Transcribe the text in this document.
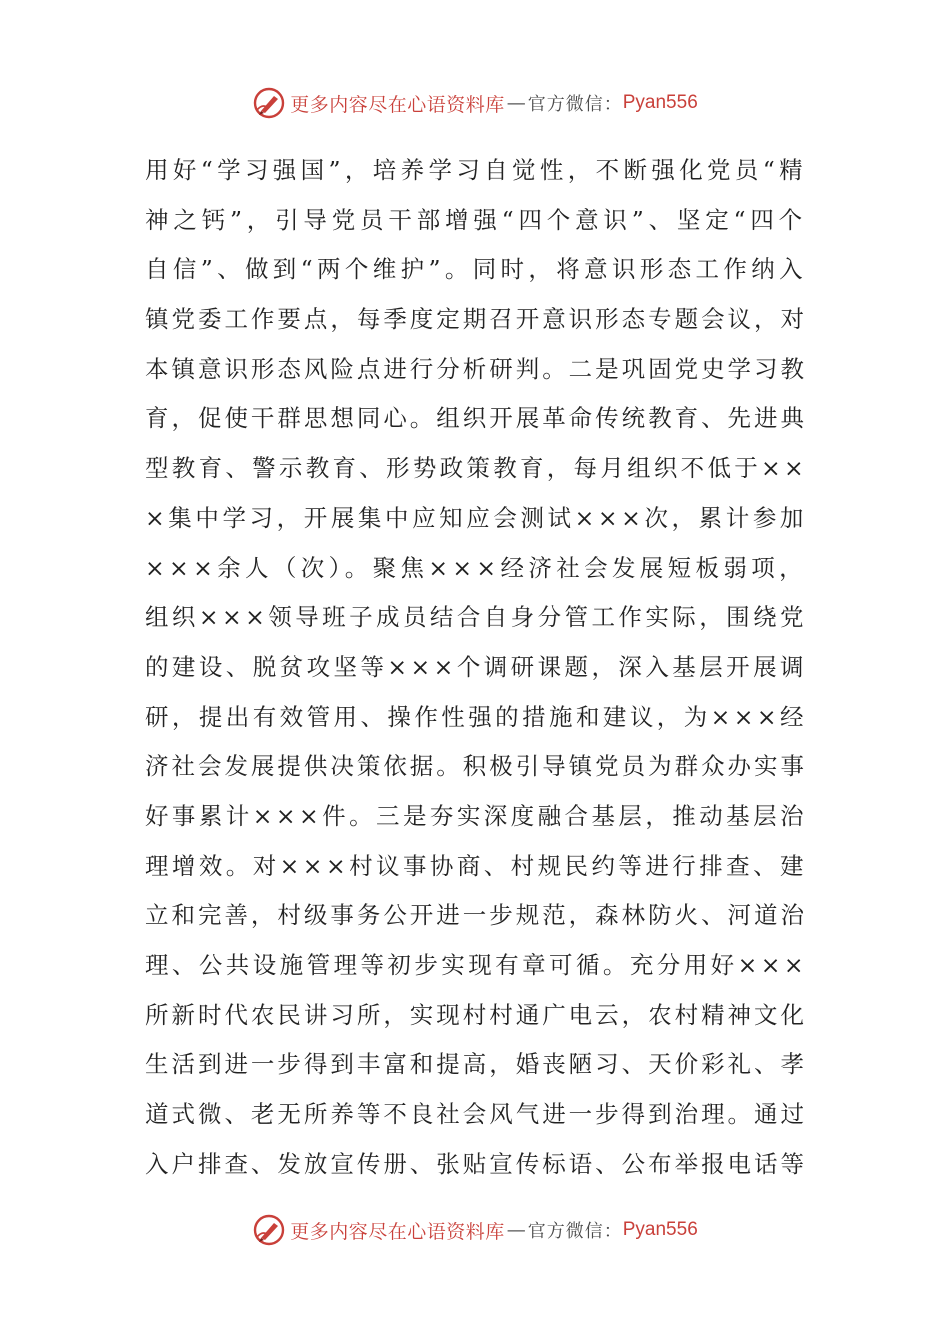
更多内容尽在心语资料库 — 官方微信： Pyan556
用好“学习强国”，培养学习自觉性，不断强化党员“精
神之钙”，引导党员干部增强“四个意识”、坚定“四个
自信”、做到“两个维护”。同时，将意识形态工作纳入
镇党委工作要点，每季度定期召开意识形态专题会议，对
本镇意识形态风险点进行分析研判。二是巩固党史学习教
育，促使干群思想同心。组织开展革命传统教育、先进典
型教育、警示教育、形势政策教育，每月组织不低于××
×集中学习，开展集中应知应会测试×××次，累计参加
×××余人（次）。聚焦×××经济社会发展短板弱项，
组织×××领导班子成员结合自身分管工作实际，围绕党
的建设、脱贫攻坚等×××个调研课题，深入基层开展调
研，提出有效管用、操作性强的措施和建议，为×××经
济社会发展提供决策依据。积极引导镇党员为群众办实事
好事累计×××件。三是夯实深度融合基层，推动基层治
理增效。对×××村议事协商、村规民约等进行排查、建
立和完善，村级事务公开进一步规范，森林防火、河道治
理、公共设施管理等初步实现有章可循。充分用好×××
所新时代农民讲习所，实现村村通广电云，农村精神文化
生活到进一步得到丰富和提高，婚丧陋习、天价彩礼、孝
道式微、老无所养等不良社会风气进一步得到治理。通过
入户排查、发放宣传册、张贴宣传标语、公布举报电话等
更多内容尽在心语资料库 — 官方微信： Pyan556
